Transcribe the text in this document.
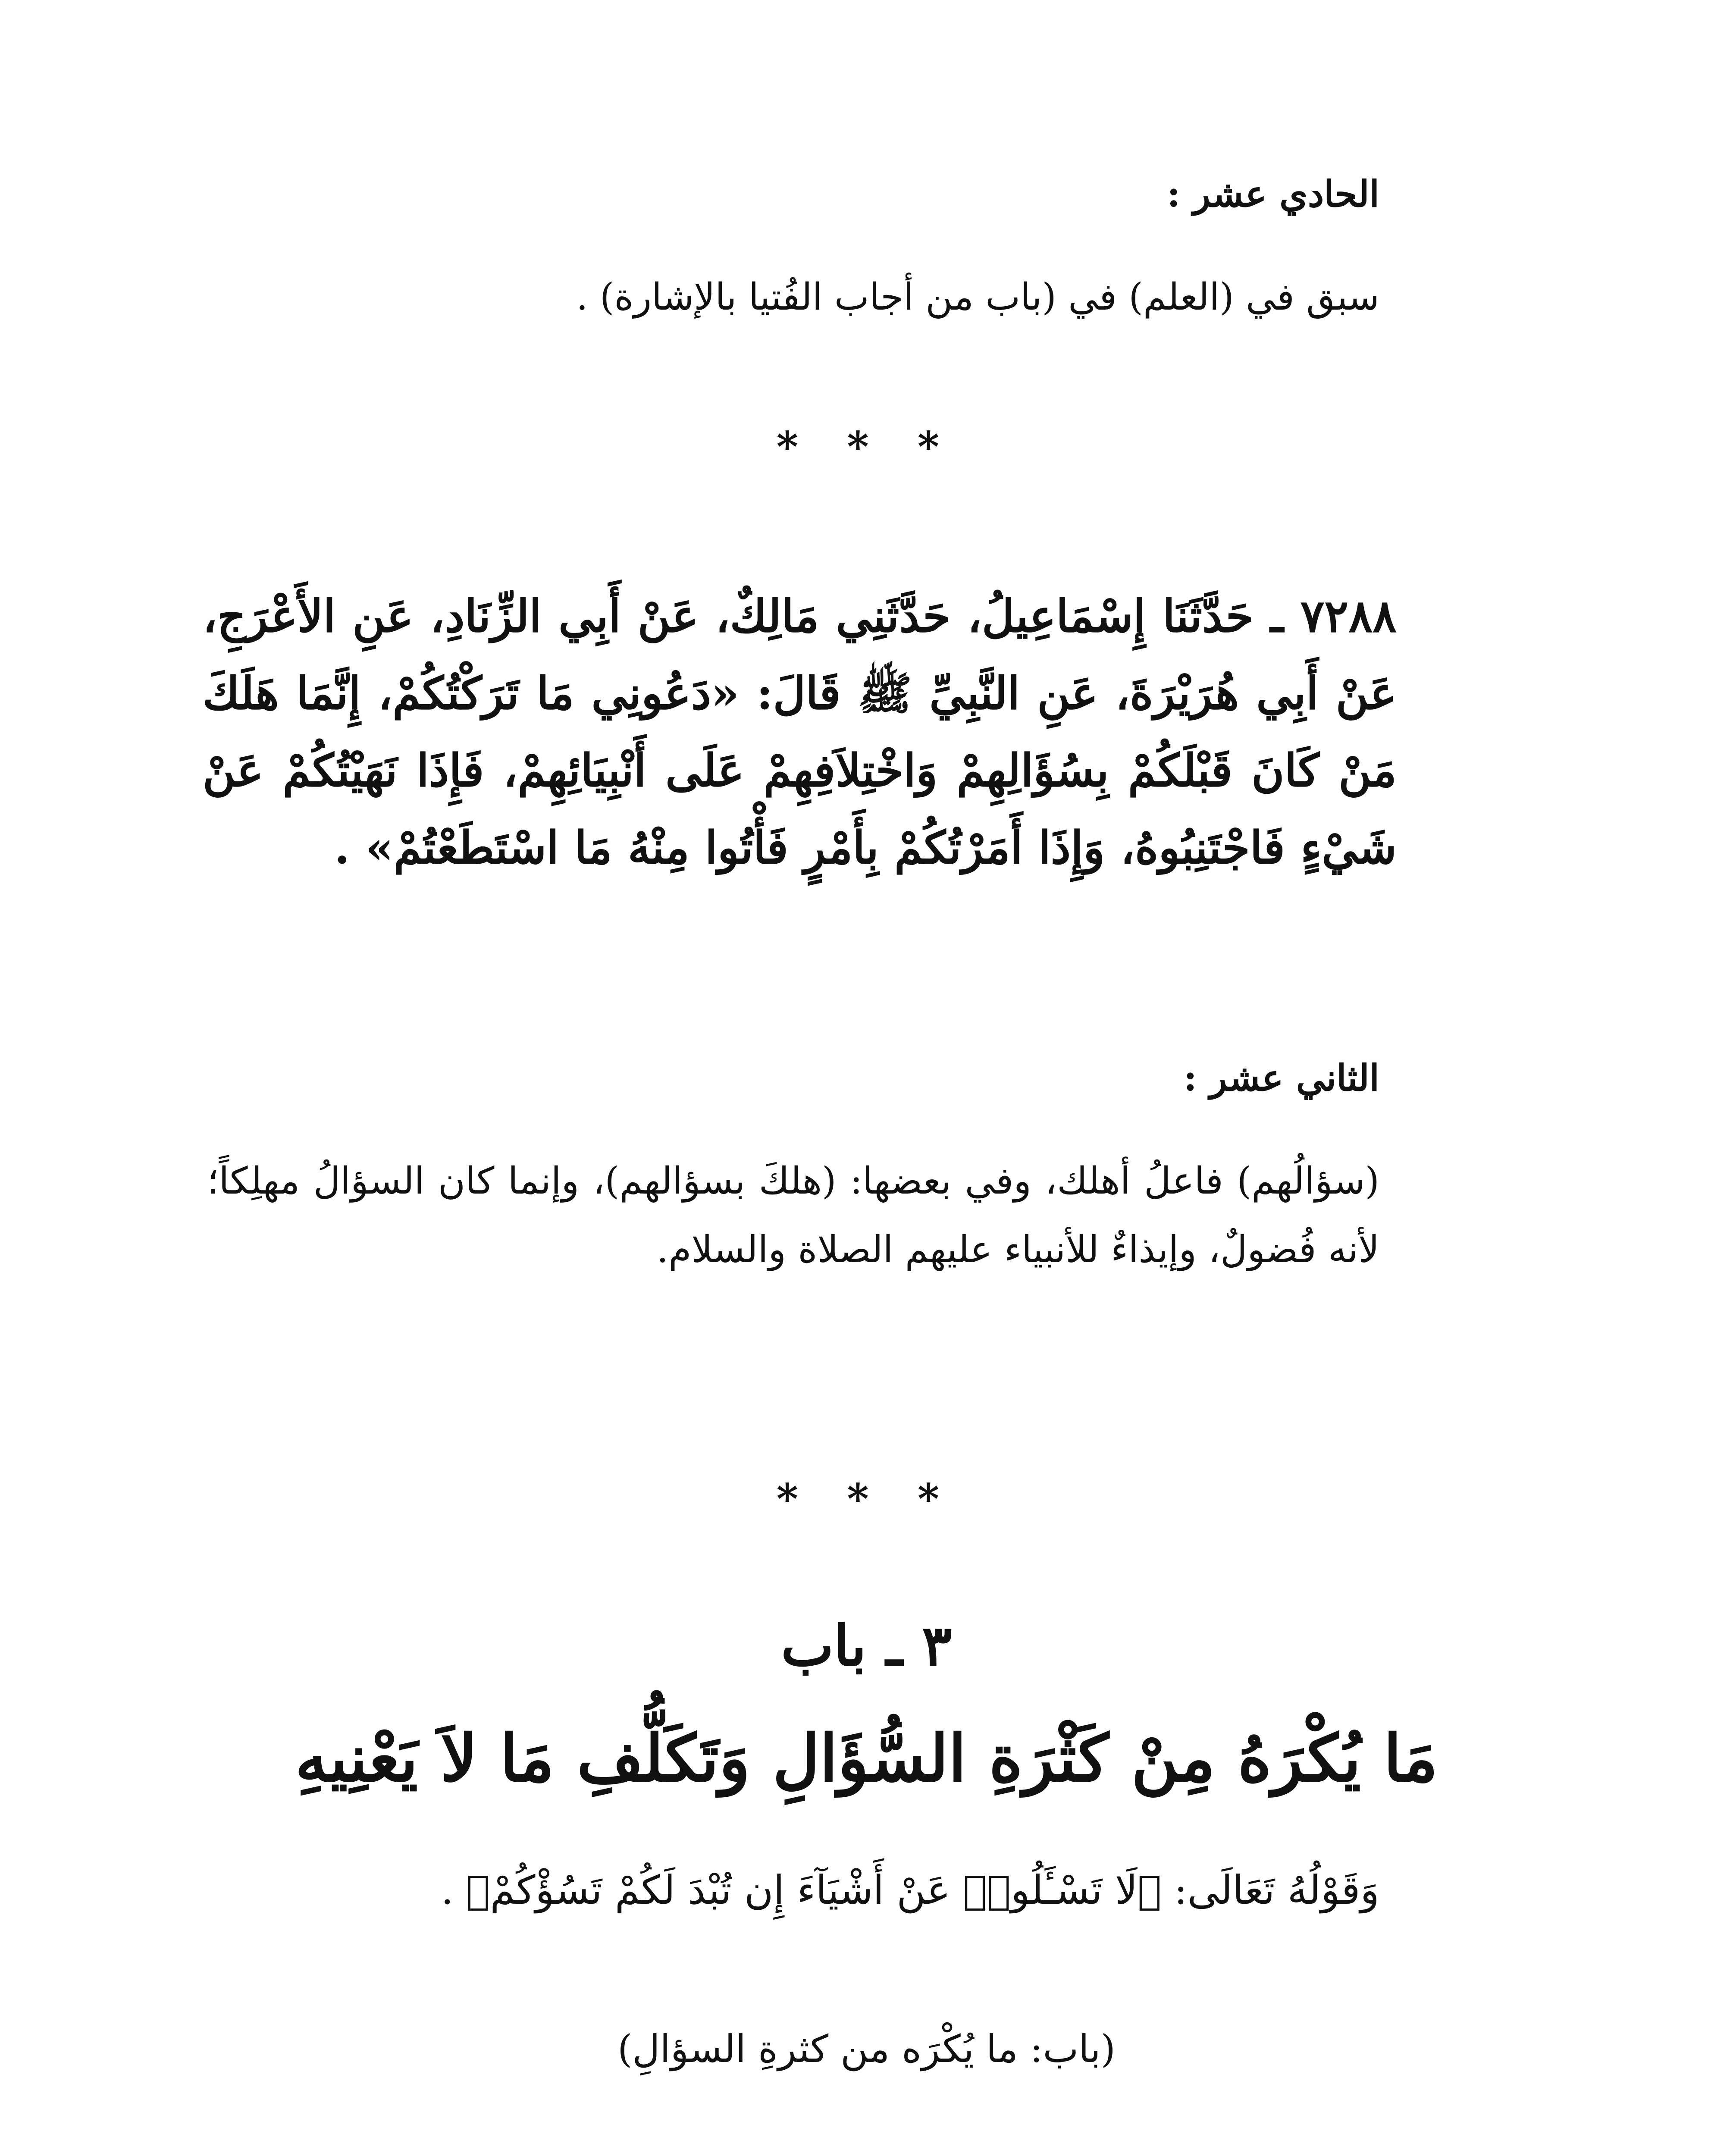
الحادي عشر :
سبق في (العلم) في (باب من أجاب الفُتيا بالإشارة) .
* * *
٧٢٨٨ ـ حَدَّثَنَا إِسْمَاعِيلُ، حَدَّثَنِي مَالِكٌ، عَنْ أَبِي الزِّنَادِ، عَنِ الأَعْرَجِ، عَنْ أَبِي هُرَيْرَةَ، عَنِ النَّبِيِّ ﷺ قَالَ: «دَعُونِي مَا تَرَكْتُكُمْ، إِنَّمَا هَلَكَ مَنْ كَانَ قَبْلَكُمْ بِسُؤَالِهِمْ وَاخْتِلاَفِهِمْ عَلَى أَنْبِيَائِهِمْ، فَإِذَا نَهَيْتُكُمْ عَنْ شَيْءٍ فَاجْتَنِبُوهُ، وَإِذَا أَمَرْتُكُمْ بِأَمْرٍ فَأْتُوا مِنْهُ مَا اسْتَطَعْتُمْ» .
الثاني عشر :
(سؤالُهم) فاعلُ أهلك، وفي بعضها: (هلكَ بسؤالهم)، وإنما كان السؤالُ مهلِكاً؛ لأنه فُضولٌ، وإيذاءٌ للأنبياء عليهم الصلاة والسلام.
* * *
٣ ـ باب
مَا يُكْرَهُ مِنْ كَثْرَةِ السُّؤَالِ وَتَكَلُّفِ مَا لاَ يَعْنِيهِ
وَقَوْلُهُ تَعَالَى: ﴿لَا تَسْـَٔلُوا۟ عَنْ أَشْيَآءَ إِن تُبْدَ لَكُمْ تَسُؤْكُمْ﴾ .
(باب: ما يُكْرَه من كثرةِ السؤالِ)
